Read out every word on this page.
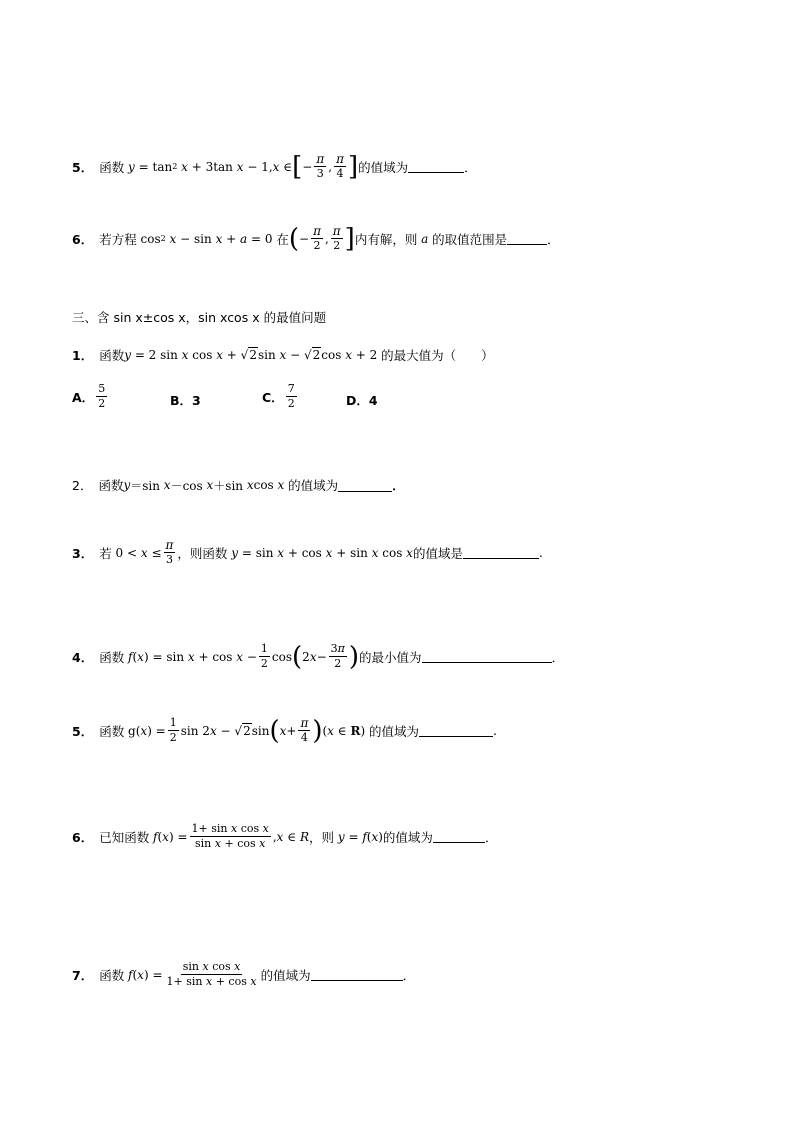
5． 函数 y = tan 2 x + 3tan x − 1, x ∈ [ − $\frac{\pi}{3}$ , $\frac{\pi}{4}$ ] 的值域为	．
6． 若方程 cos 2 x − sin x + a = 0 在 ( − $\frac{\pi}{2}$ , $\frac{\pi}{2}$ ] 内有解，则 a 的取值范围是	．
三、含 sin x±cos x，sin xcos x 的最值问题
1． 函数 y = 2 sin x cos x + √2sin x − √2cos x + 2 的最大值为（　　）
A． $\frac{5}{2}$	B．3	C． $\frac{7}{2}$	D．4
2． 函数 y ＝sin x －cos x ＋sin x cos x 的值域为	．
3． 若 $0 < x \le \frac{\pi}{3}$ ，则函数 y = sin x + cos x + sin x cos x 的值域是	.
4． 函数 f ( x ) = $\sin x + \cos x - \frac{1}{2}$ cos ( 2 $x - \frac{3\pi}{2}$ ) 的最小值为	．
5． 函数 g( x ) = $\frac{1}{2}$ sin 2 x − √2sin ( $x + \frac{\pi}{4}$ ) ( x ∈ R) 的值域为	.
6． 已知函数 f ( x ) = $\frac{\text{1+ sin x cos x}}{\text{sin x + cos x}}$ , x ∈ R ，则 y = f ( x ) 的值域为	．
7． 函数 f ( x ) = $\frac{\text{sin x cos x}}{\text{1+ sin x + cos x}}$ 的值域为	．
